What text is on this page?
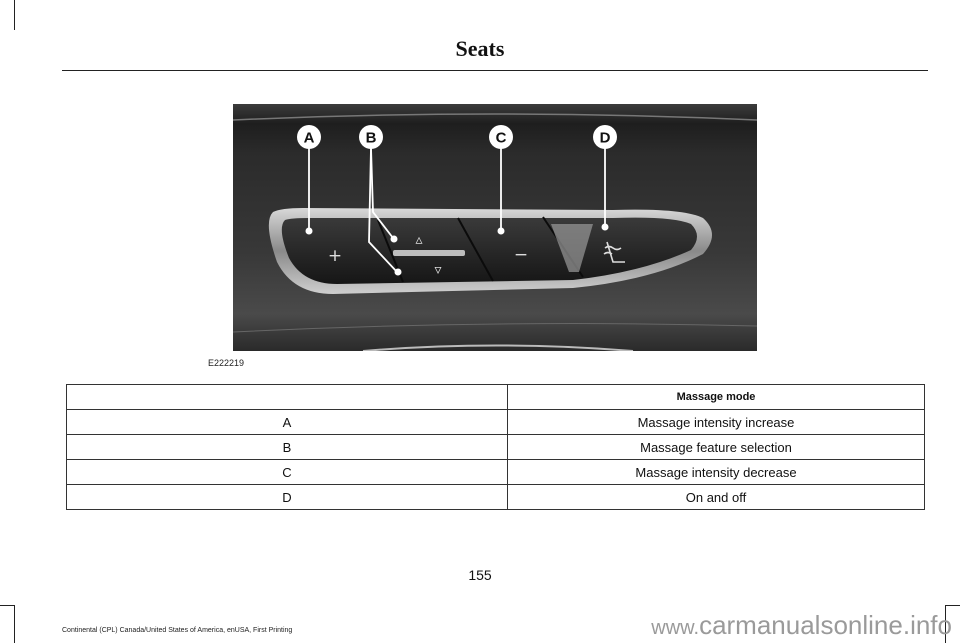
Seats
+
▵
▿
−
A	B	C	D
E222219
	Massage mode
A	Massage intensity increase
B	Massage feature selection
C	Massage intensity decrease
D	On and off
155
Continental (CPL) Canada/United States of America, enUSA, First Printing	www.carmanualsonline.info
